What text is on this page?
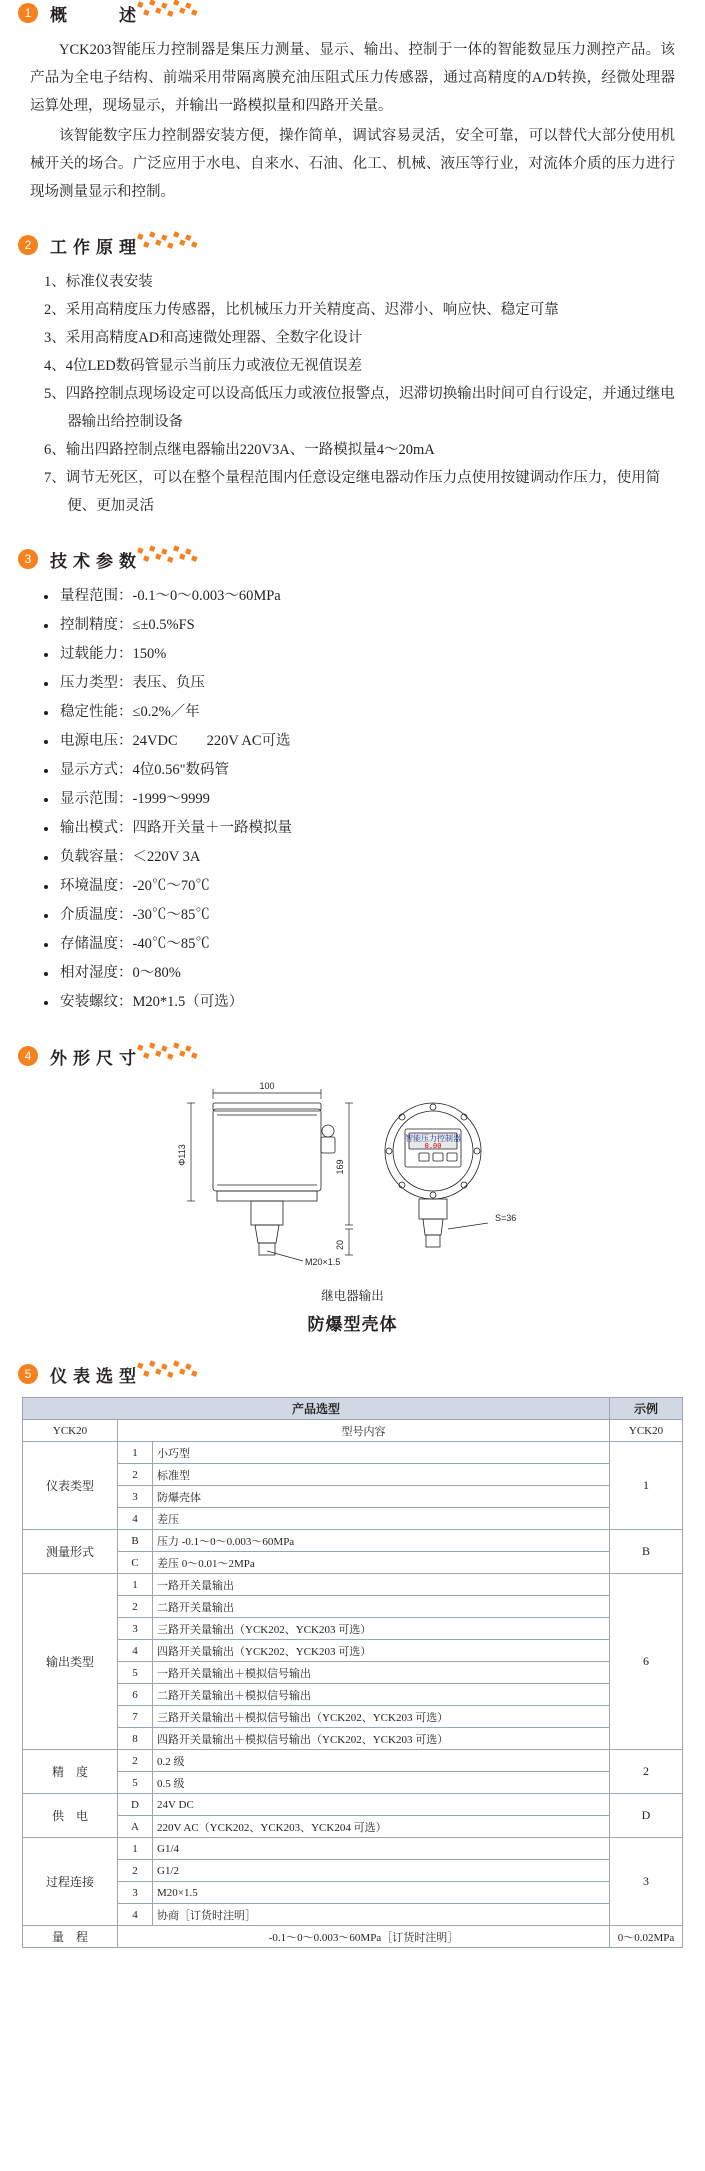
1	概　　述

YCK203智能压力控制器是集压力测量、显示、输出、控制于一体的智能数显压力测控产品。该产品为全电子结构、前端采用带隔离膜充油压阻式压力传感器，通过高精度的A/D转换，经微处理器运算处理，现场显示，并输出一路模拟量和四路开关量。

该智能数字压力控制器安装方便，操作简单，调试容易灵活，安全可靠，可以替代大部分使用机械开关的场合。广泛应用于水电、自来水、石油、化工、机械、液压等行业，对流体介质的压力进行现场测量显示和控制。

2	工作原理
1、标准仪表安装
2、采用高精度压力传感器，比机械压力开关精度高、迟滞小、响应快、稳定可靠
3、采用高精度AD和高速微处理器、全数字化设计
4、4位LED数码管显示当前压力或液位无视值误差
5、四路控制点现场设定可以设高低压力或液位报警点，迟滞切换输出时间可自行设定，并通过继电器输出给控制设备
6、输出四路控制点继电器输出220V3A、一路模拟量4～20mA
7、调节无死区，可以在整个量程范围内任意设定继电器动作压力点使用按键调动作压力，使用简便、更加灵活
3	技术参数
量程范围：-0.1～0～0.003～60MPa
控制精度：≤±0.5%FS
过载能力：150%
压力类型：表压、负压
稳定性能：≤0.2%／年
电源电压：24VDC　　220V AC可选
显示方式：4位0.56"数码管
显示范围：-1999～9999
输出模式：四路开关量＋一路模拟量
负载容量：＜220V 3A
环境温度：-20℃～70℃
介质温度：-30℃～85℃
存储温度：-40℃～85℃
相对湿度：0～80%
安装螺纹：M20*1.5（可选）
4	外形尺寸
100
Φ113
智能压力控制器
0.00
169
20
S=36
M20×1.5
继电器输出
防爆型壳体
5	仪表选型
产品选型			示例
YCK20	型号内容		YCK20
仪表类型	1	小巧型	1
	2	标准型	
	3	防爆壳体	
	4	差压	
测量形式	B	压力 -0.1～0～0.003～60MPa	B
	C	差压 0～0.01～2MPa	
输出类型	1	一路开关量输出	6
	2	二路开关量输出	
	3	三路开关量输出（YCK202、YCK203 可选）	
	4	四路开关量输出（YCK202、YCK203 可选）	
	5	一路开关量输出＋模拟信号输出	
	6	二路开关量输出＋模拟信号输出	
	7	三路开关量输出＋模拟信号输出（YCK202、YCK203 可选）	
	8	四路开关量输出＋模拟信号输出（YCK202、YCK203 可选）	
精　度	2	0.2 级	2
	5	0.5 级	
供　电	D	24V DC	D
	A	220V AC（YCK202、YCK203、YCK204 可选）	
过程连接	1	G1/4	3
	2	G1/2	
	3	M20×1.5	
	4	协商［订货时注明］	
量　程	-0.1～0～0.003～60MPa［订货时注明］		0～0.02MPa
